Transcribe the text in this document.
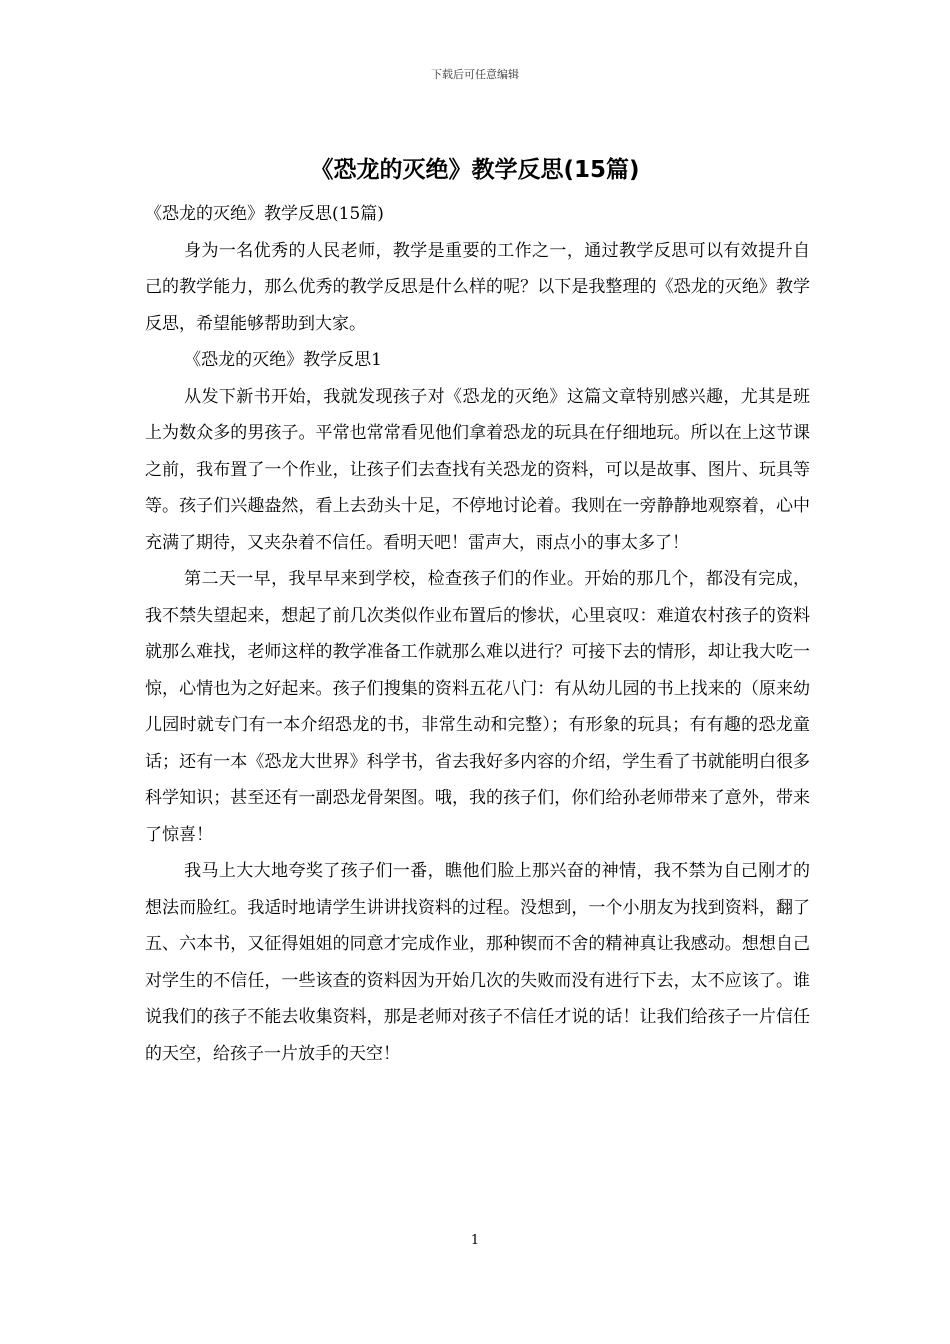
下载后可任意编辑
《恐龙的灭绝》教学反思(15篇)

《恐龙的灭绝》教学反思(15篇)

身为一名优秀的人民老师，教学是重要的工作之一，通过教学反思可以有效提升自己的教学能力，那么优秀的教学反思是什么样的呢？以下是我整理的《恐龙的灭绝》教学反思，希望能够帮助到大家。

《恐龙的灭绝》教学反思1

从发下新书开始，我就发现孩子对《恐龙的灭绝》这篇文章特别感兴趣，尤其是班上为数众多的男孩子。平常也常常看见他们拿着恐龙的玩具在仔细地玩。所以在上这节课之前，我布置了一个作业，让孩子们去查找有关恐龙的资料，可以是故事、图片、玩具等等。孩子们兴趣盎然，看上去劲头十足，不停地讨论着。我则在一旁静静地观察着，心中充满了期待，又夹杂着不信任。看明天吧！雷声大，雨点小的事太多了！

第二天一早，我早早来到学校，检查孩子们的作业。开始的那几个，都没有完成，我不禁失望起来，想起了前几次类似作业布置后的惨状，心里哀叹：难道农村孩子的资料就那么难找，老师这样的教学准备工作就那么难以进行？可接下去的情形，却让我大吃一惊，心情也为之好起来。孩子们搜集的资料五花八门：有从幼儿园的书上找来的（原来幼儿园时就专门有一本介绍恐龙的书，非常生动和完整）；有形象的玩具；有有趣的恐龙童话；还有一本《恐龙大世界》科学书，省去我好多内容的介绍，学生看了书就能明白很多科学知识；甚至还有一副恐龙骨架图。哦，我的孩子们，你们给孙老师带来了意外，带来了惊喜！

我马上大大地夸奖了孩子们一番，瞧他们脸上那兴奋的神情，我不禁为自己刚才的想法而脸红。我适时地请学生讲讲找资料的过程。没想到，一个小朋友为找到资料，翻了五、六本书，又征得姐姐的同意才完成作业，那种锲而不舍的精神真让我感动。想想自己对学生的不信任，一些该查的资料因为开始几次的失败而没有进行下去，太不应该了。谁说我们的孩子不能去收集资料，那是老师对孩子不信任才说的话！让我们给孩子一片信任的天空，给孩子一片放手的天空！

1
